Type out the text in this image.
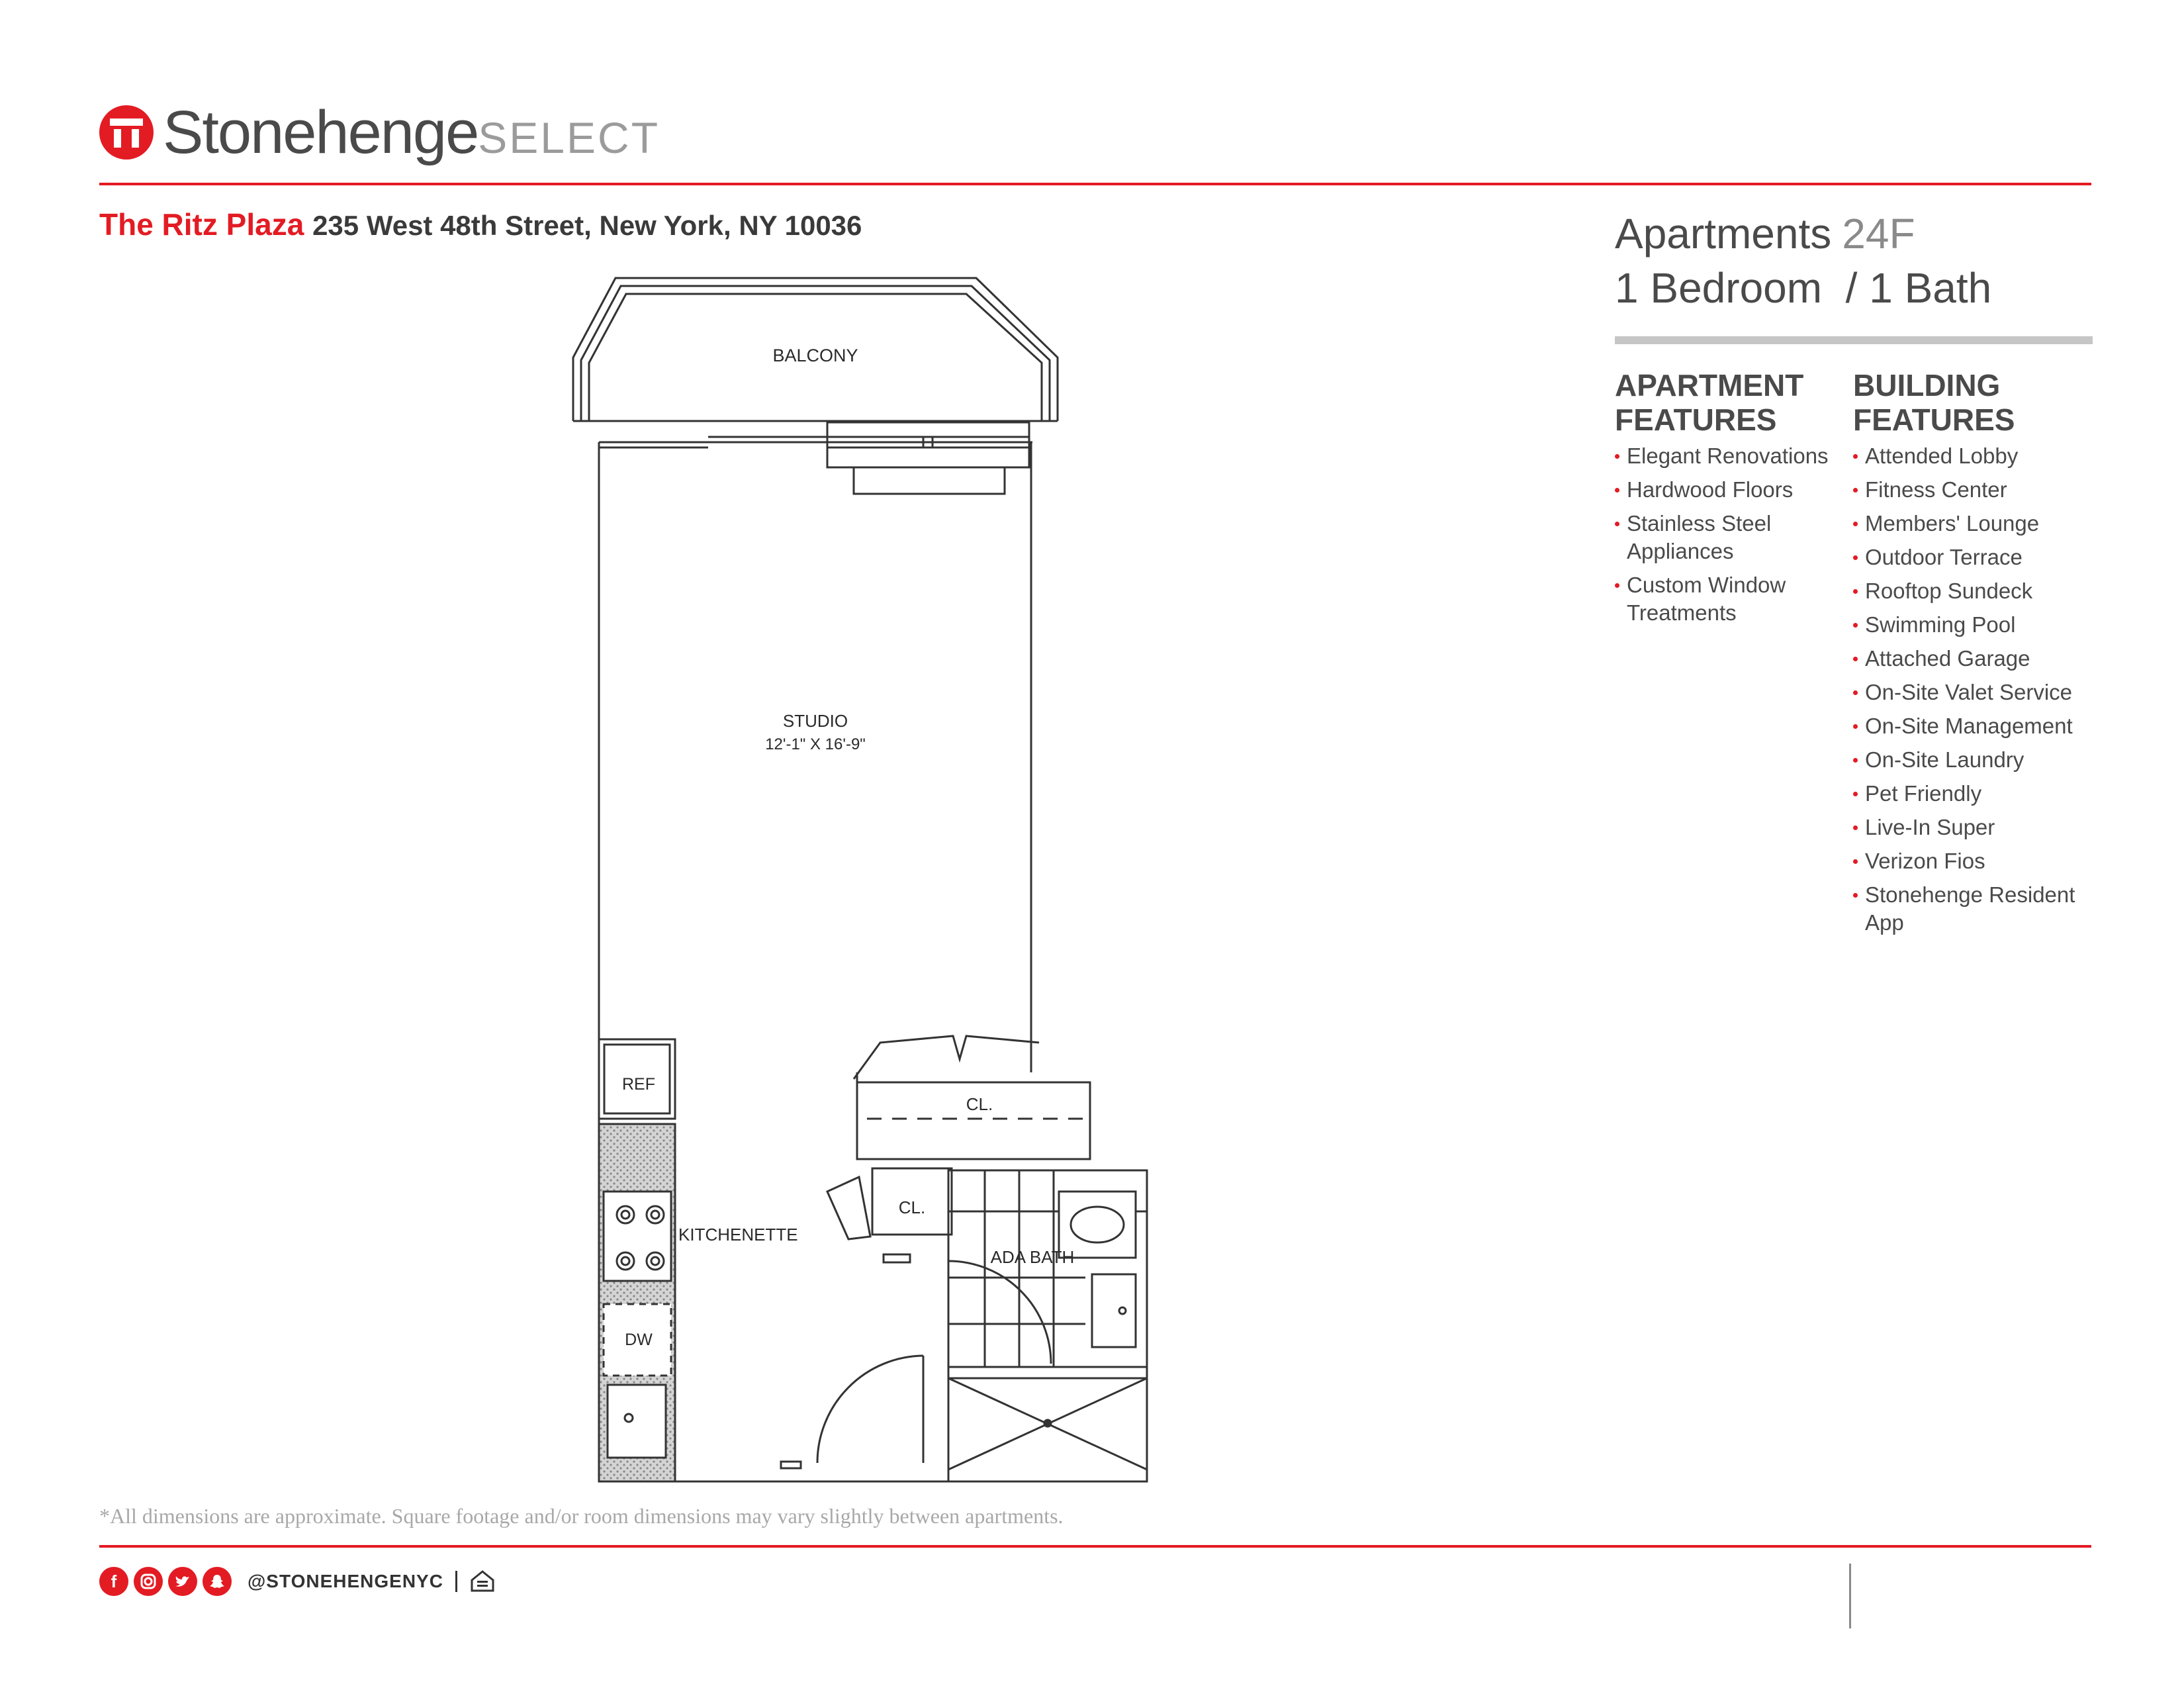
Stonehenge SELECT
The Ritz Plaza 235 West 48th Street, New York, NY 10036	Apartments 24F
1 Bedroom  / 1 Bath
APARTMENT FEATURES
BUILDING FEATURES
Elegant Renovations
Hardwood Floors
Stainless Steel Appliances
Custom Window Treatments
Attended Lobby
Fitness Center
Members' Lounge
Outdoor Terrace
Rooftop Sundeck
Swimming Pool
Attached Garage
On-Site Valet Service
On-Site Management
On-Site Laundry
Pet Friendly
Live-In Super
Verizon Fios
Stonehenge Resident App
BALCONY
STUDIO
12'-1" X 16'-9"
REF
DW
KITCHENETTE
CL.
CL.
ADA BATH
*All dimensions are approximate. Square footage and/or room dimensions may vary slightly between apartments.
f	@STONEHENGENYC
